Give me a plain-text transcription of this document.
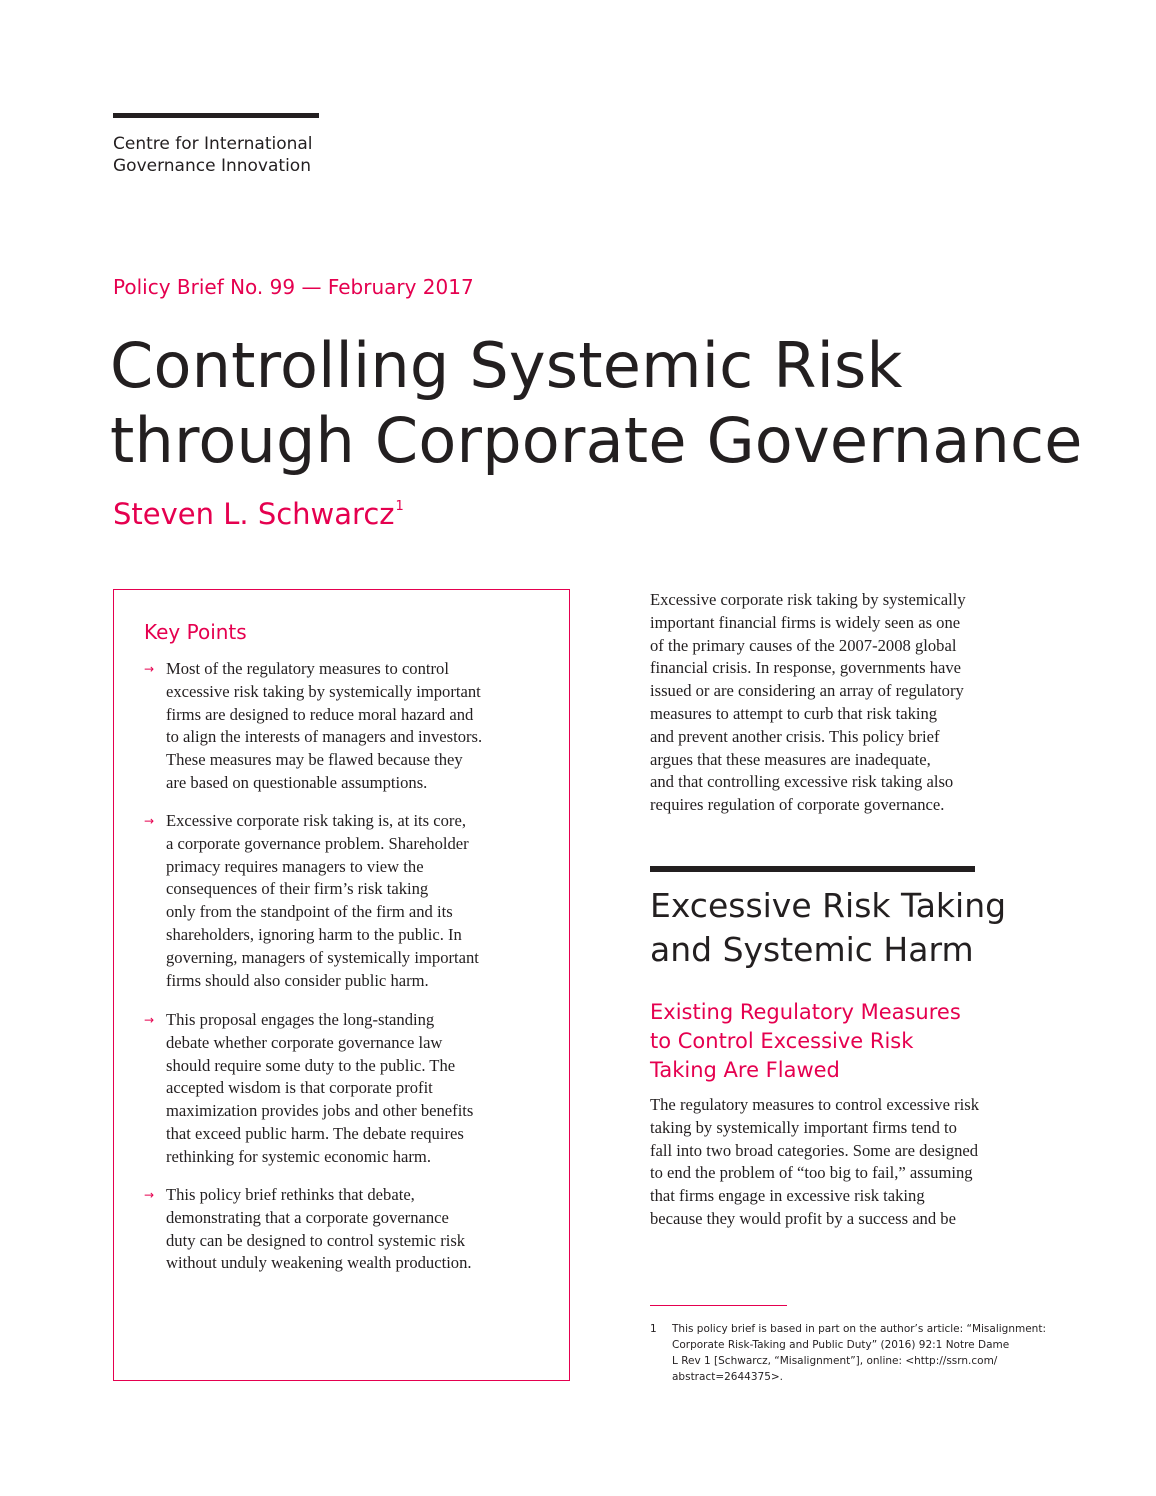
Centre for International
Governance Innovation
Policy Brief No. 99 — February 2017
Controlling Systemic Risk
through Corporate Governance
Steven L. Schwarcz$^1$
Key Points
→ Most of the regulatory measures to control
excessive risk taking by systemically important
firms are designed to reduce moral hazard and
to align the interests of managers and investors.
These measures may be flawed because they
are based on questionable assumptions.
→ Excessive corporate risk taking is, at its core,
a corporate governance problem. Shareholder
primacy requires managers to view the
consequences of their firm’s risk taking
only from the standpoint of the firm and its
shareholders, ignoring harm to the public. In
governing, managers of systemically important
firms should also consider public harm.
→ This proposal engages the long-standing
debate whether corporate governance law
should require some duty to the public. The
accepted wisdom is that corporate profit
maximization provides jobs and other benefits
that exceed public harm. The debate requires
rethinking for systemic economic harm.
→ This policy brief rethinks that debate,
demonstrating that a corporate governance
duty can be designed to control systemic risk
without unduly weakening wealth production.
Excessive corporate risk taking by systemically
important financial firms is widely seen as one
of the primary causes of the 2007-2008 global
financial crisis. In response, governments have
issued or are considering an array of regulatory
measures to attempt to curb that risk taking
and prevent another crisis. This policy brief
argues that these measures are inadequate,
and that controlling excessive risk taking also
requires regulation of corporate governance.
Excessive Risk Taking
and Systemic Harm
Existing Regulatory Measures
to Control Excessive Risk
Taking Are Flawed
The regulatory measures to control excessive risk
taking by systemically important firms tend to
fall into two broad categories. Some are designed
to end the problem of “too big to fail,” assuming
that firms engage in excessive risk taking
because they would profit by a success and be
1 This policy brief is based in part on the author’s article: “Misalignment:
Corporate Risk-Taking and Public Duty” (2016) 92:1 Notre Dame
L Rev 1 [Schwarcz, “Misalignment”], online: <http://ssrn.com/
abstract=2644375>.
